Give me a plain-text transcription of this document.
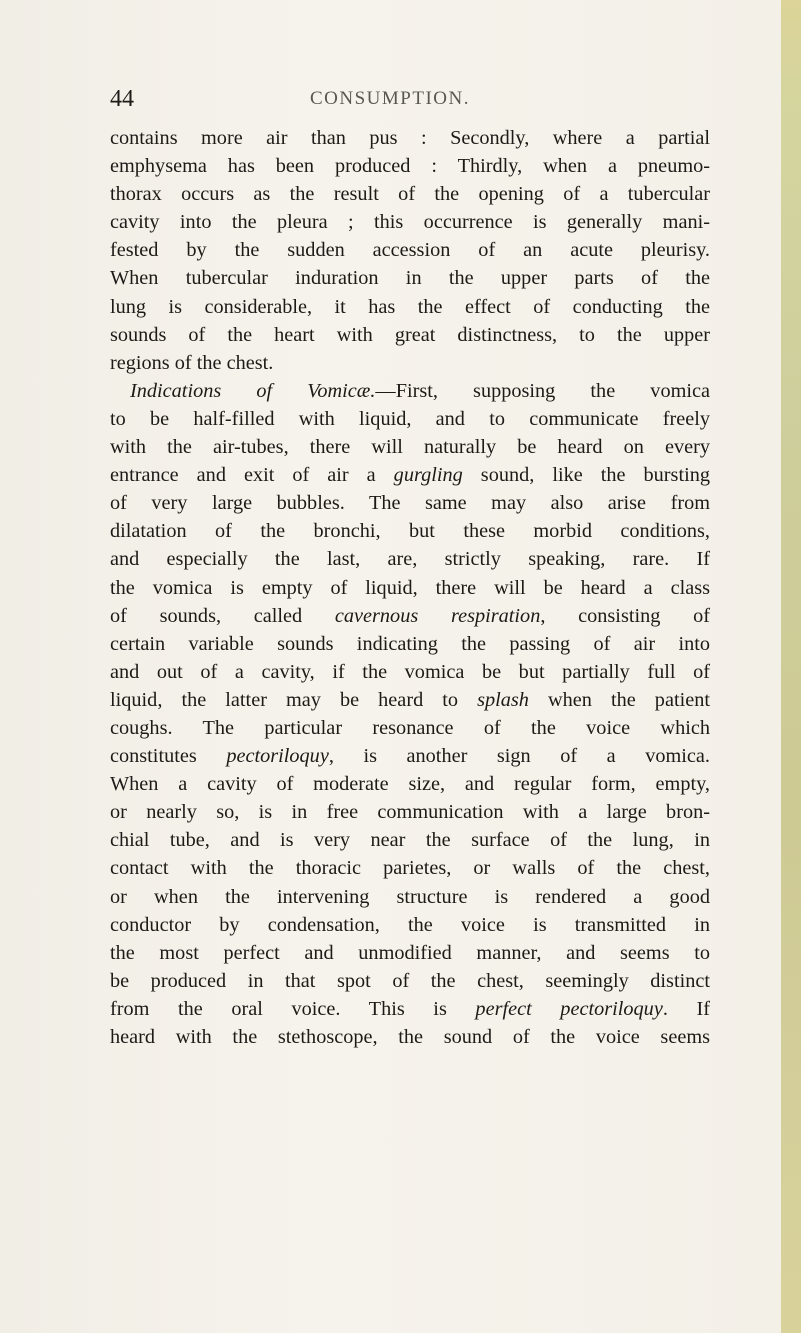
44	CONSUMPTION.
contains more air than pus : Secondly, where a partial
emphysema has been produced : Thirdly, when a pneumo-
thorax occurs as the result of the opening of a tubercular
cavity into the pleura ; this occurrence is generally mani-
fested by the sudden accession of an acute pleurisy.
When tubercular induration in the upper parts of the
lung is considerable, it has the effect of conducting the
sounds of the heart with great distinctness, to the upper
regions of the chest.
Indications of Vomicæ.—First, supposing the vomica
to be half-filled with liquid, and to communicate freely
with the air-tubes, there will naturally be heard on every
entrance and exit of air a gurgling sound, like the bursting
of very large bubbles. The same may also arise from
dilatation of the bronchi, but these morbid conditions,
and especially the last, are, strictly speaking, rare. If
the vomica is empty of liquid, there will be heard a class
of sounds, called cavernous respiration, consisting of
certain variable sounds indicating the passing of air into
and out of a cavity, if the vomica be but partially full of
liquid, the latter may be heard to splash when the patient
coughs. The particular resonance of the voice which
constitutes pectoriloquy, is another sign of a vomica.
When a cavity of moderate size, and regular form, empty,
or nearly so, is in free communication with a large bron-
chial tube, and is very near the surface of the lung, in
contact with the thoracic parietes, or walls of the chest,
or when the intervening structure is rendered a good
conductor by condensation, the voice is transmitted in
the most perfect and unmodified manner, and seems to
be produced in that spot of the chest, seemingly distinct
from the oral voice. This is perfect pectoriloquy. If
heard with the stethoscope, the sound of the voice seems
